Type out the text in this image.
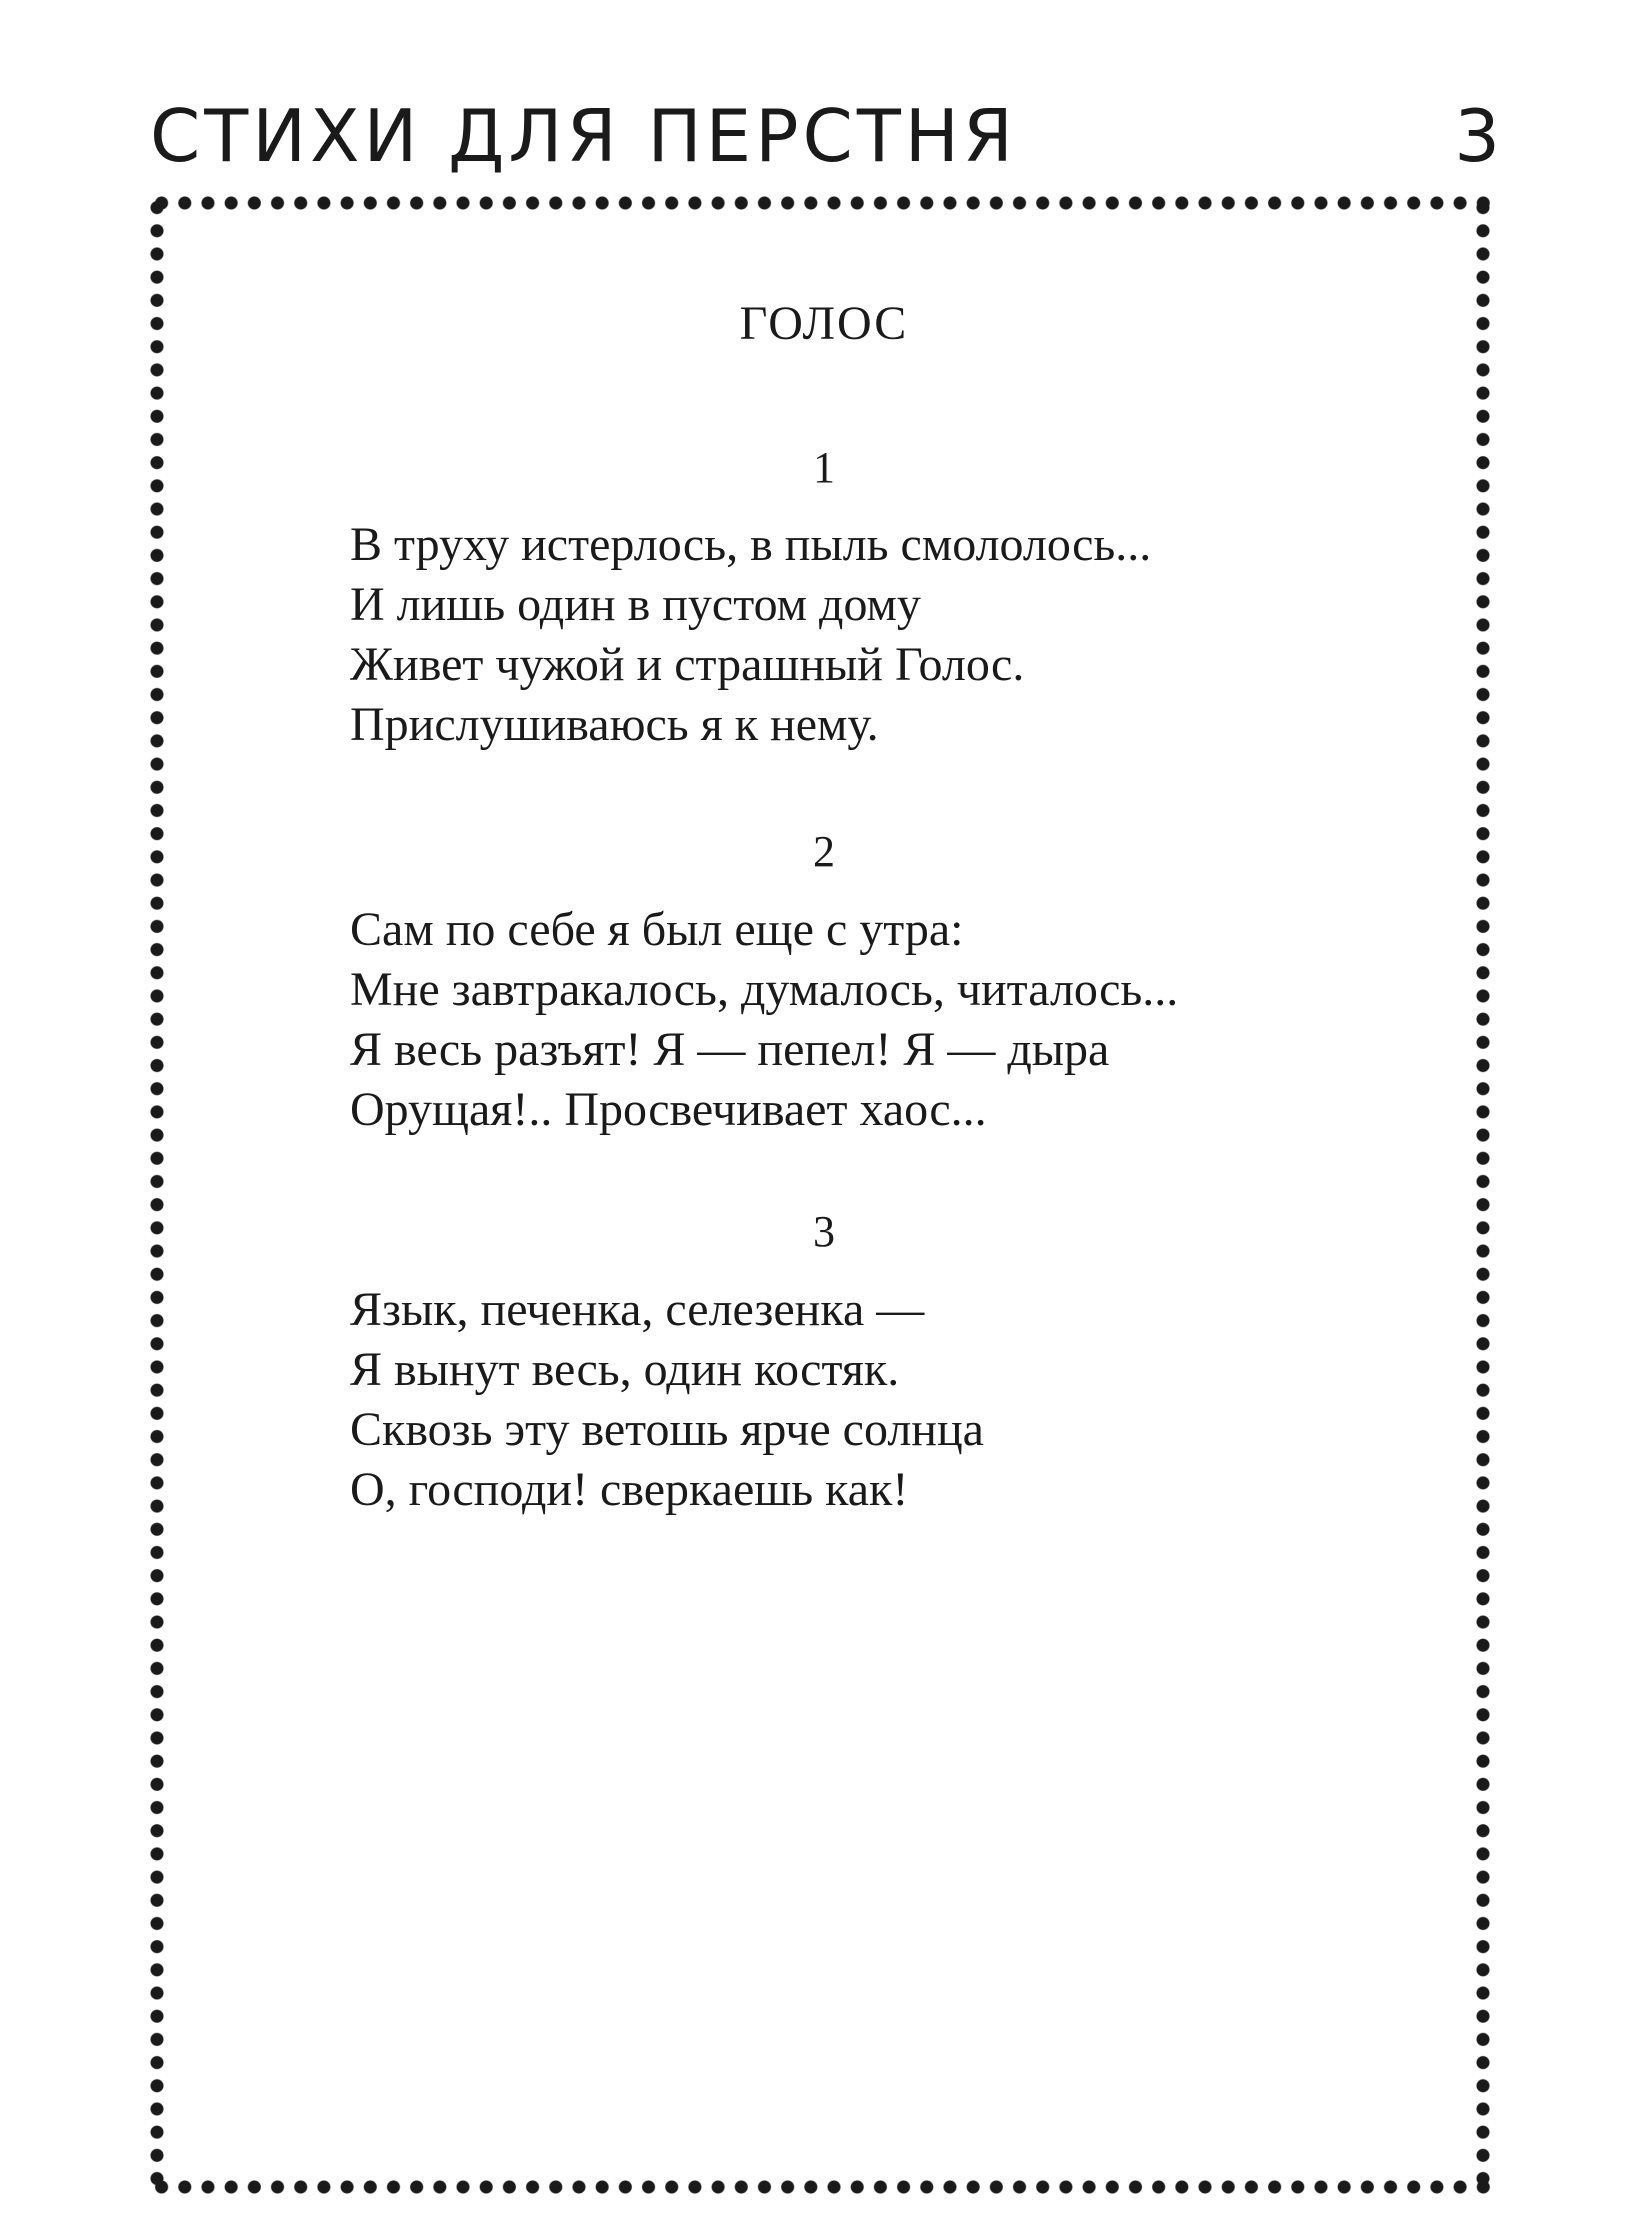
СТИХИ ДЛЯ ПЕРСТНЯ	3
ГОЛОС
1
В труху истерлось, в пыль смололось...
И лишь один в пустом дому
Живет чужой и страшный Голос.
Прислушиваюсь я к нему.
2
Сам по себе я был еще с утра:
Мне завтракалось, думалось, читалось...
Я весь разъят! Я — пепел! Я — дыра
Орущая!.. Просвечивает хаос...
3
Язык, печенка, селезенка —
Я вынут весь, один костяк.
Сквозь эту ветошь ярче солнца
О, господи! сверкаешь как!
